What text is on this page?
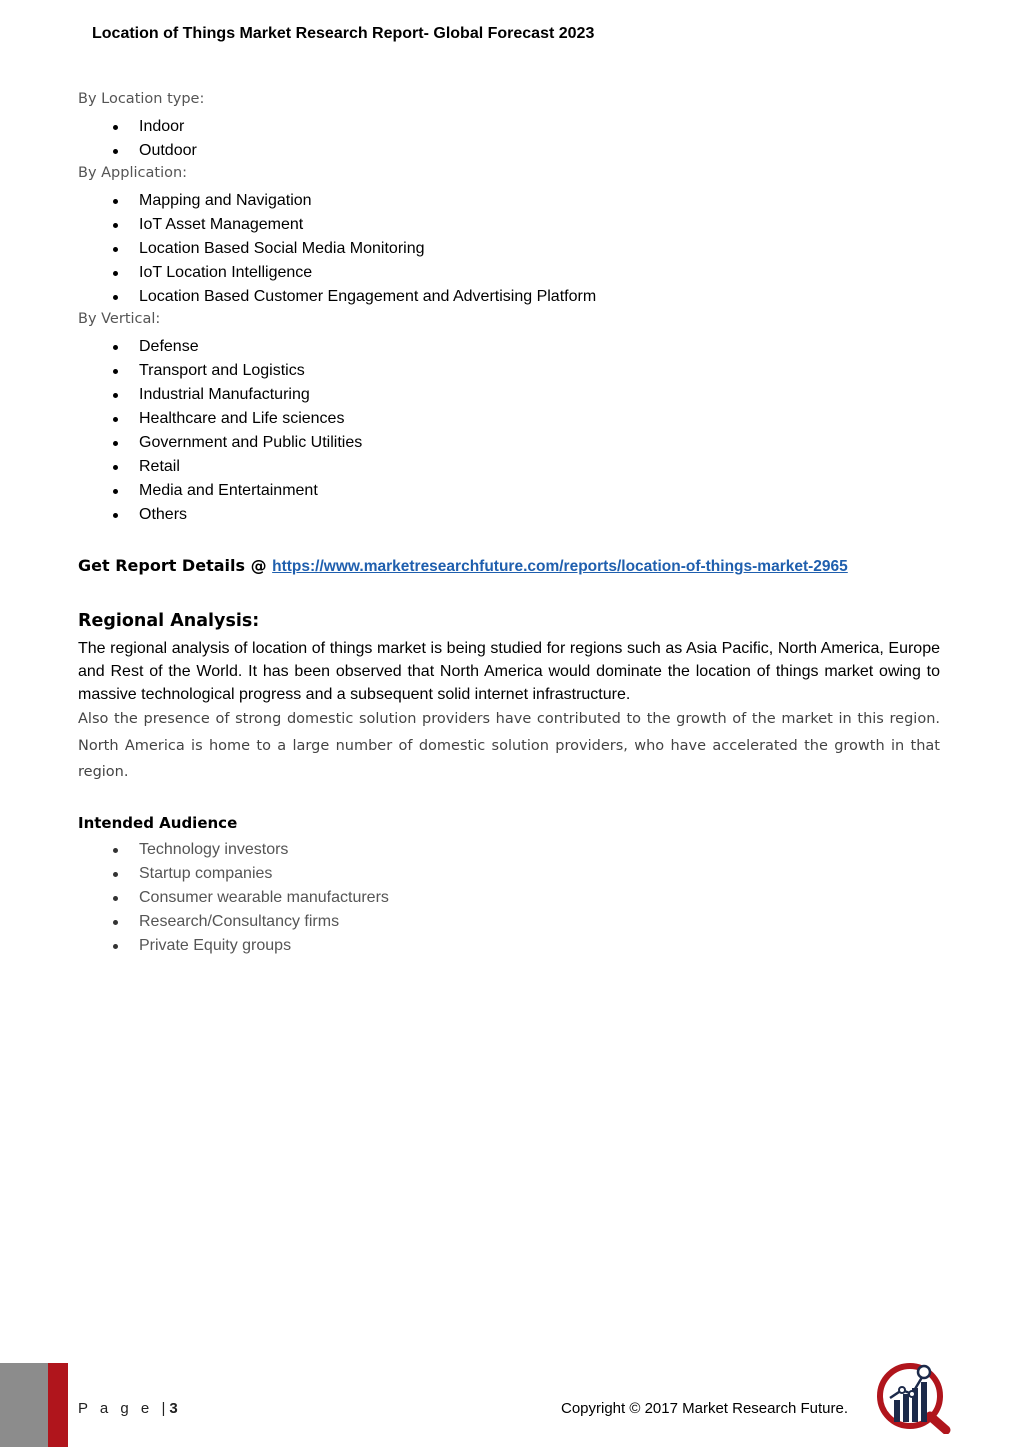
Location of Things Market Research Report- Global Forecast 2023
By Location type:
Indoor
Outdoor
By Application:
Mapping and Navigation
IoT Asset Management
Location Based Social Media Monitoring
IoT Location Intelligence
Location Based Customer Engagement and Advertising Platform
By Vertical:
Defense
Transport and Logistics
Industrial Manufacturing
Healthcare and Life sciences
Government and Public Utilities
Retail
Media and Entertainment
Others
Get Report Details @ https://www.marketresearchfuture.com/reports/location-of-things-market-2965
Regional Analysis:
The regional analysis of location of things market is being studied for regions such as Asia Pacific, North America, Europe and Rest of the World. It has been observed that North America would dominate the location of things market owing to massive technological progress and a subsequent solid internet infrastructure.
Also the presence of strong domestic solution providers have contributed to the growth of the market in this region. North America is home to a large number of domestic solution providers, who have accelerated the growth in that region.
Intended Audience
Technology investors
Startup companies
Consumer wearable manufacturers
Research/Consultancy firms
Private Equity groups
P a g e | 3	Copyright © 2017 Market Research Future.
